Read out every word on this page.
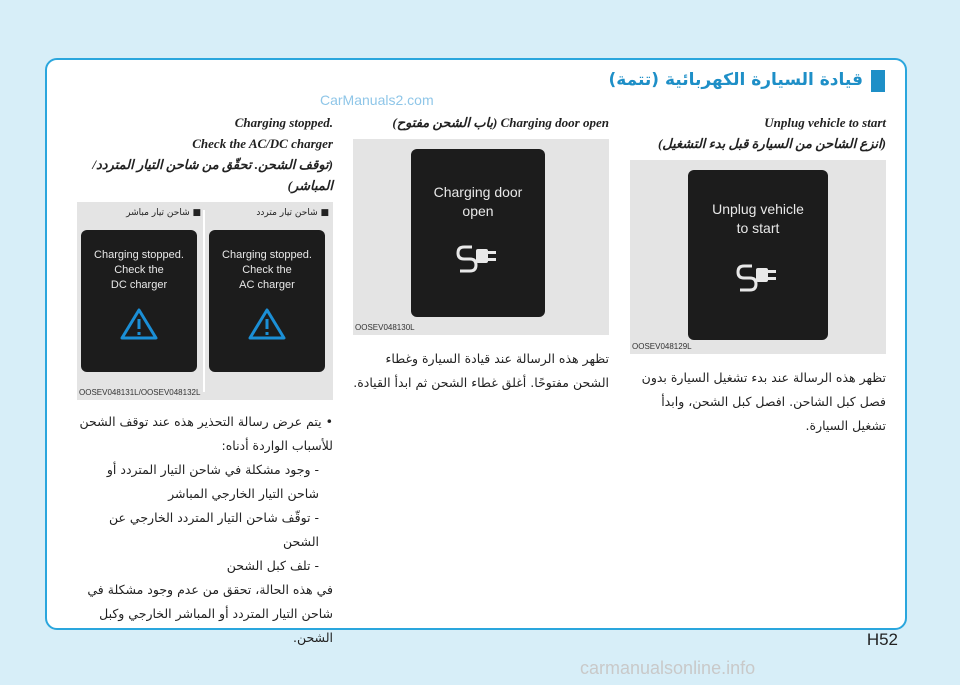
قيادة السيارة الكهربائية (تتمة)
CarManuals2.com
Unplug vehicle to start
(انزع الشاحن من السيارة قبل بدء التشغيل)
Unplug vehicle
to start
OOSEV048129L
تظهر هذه الرسالة عند بدء تشغيل السيارة بدون فصل كبل الشاحن. افصل كبل الشحن، وابدأ تشغيل السيارة.
Charging door open (باب الشحن مفتوح)
Charging door
open
OOSEV048130L
تظهر هذه الرسالة عند قيادة السيارة وغطاء الشحن مفتوحًا. أغلق غطاء الشحن ثم ابدأ القيادة.
Charging stopped.
Check the AC/DC charger
(توقف الشحن. تحقّق من شاحن التيار المتردد/ المباشر)
■ شاحن تيار متردد
■ شاحن تيار مباشر
Charging stopped.
Check the
DC charger
Charging stopped.
Check the
AC charger
OOSEV048131L/OOSEV048132L
• يتم عرض رسالة التحذير هذه عند توقف الشحن للأسباب الواردة أدناه:
- وجود مشكلة في شاحن التيار المتردد أو شاحن التيار الخارجي المباشر
- توقّف شاحن التيار المتردد الخارجي عن الشحن
- تلف كبل الشحن
في هذه الحالة، تحقق من عدم وجود مشكلة في شاحن التيار المتردد أو المباشر الخارجي وكبل الشحن.	H52
carmanualsonline.info
